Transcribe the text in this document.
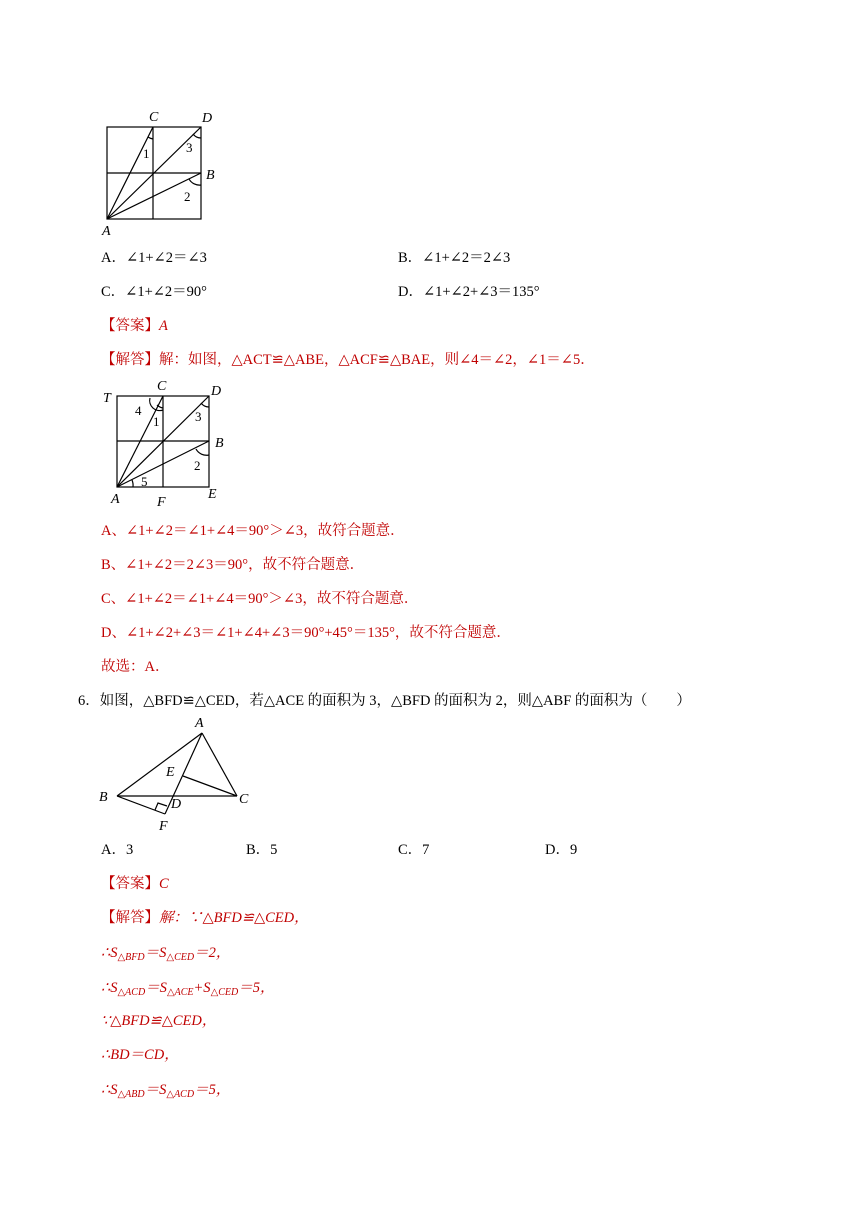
C	D
B
A
1	3
2
A．∠1+∠2＝∠3	B．∠1+∠2＝2∠3
C．∠1+∠2＝90°	D．∠1+∠2+∠3＝135°
【答案】A
【解答】解：如图，△ACT≌△ABE，△ACF≌△BAE，则∠4＝∠2，∠1＝∠5．
T
C	D
B
A	F
E
4
1	3
2
5
A、∠1+∠2＝∠1+∠4＝90°＞∠3，故符合题意．
B、∠1+∠2＝2∠3＝90°，故不符合题意．
C、∠1+∠2＝∠1+∠4＝90°＞∠3，故不符合题意．
D、∠1+∠2+∠3＝∠1+∠4+∠3＝90°+45°＝135°，故不符合题意．
故选：A．
6．如图，△BFD≌△CED，若△ACE 的面积为 3，△BFD 的面积为 2，则△ABF 的面积为（　　）
A
E
B	D	C
F
A．3	B．5	C．7	D．9
【答案】C
【解答】解：∵△BFD≌△CED，
$\therefore S_{\triangle BFD}=S_{\triangle CED}=2$，
$\therefore S_{\triangle ACD}=S_{\triangle ACE}+S_{\triangle CED}=5$，
∵△BFD≌△CED，
∴BD＝CD，
$\therefore S_{\triangle ABD}=S_{\triangle ACD}=5$，
